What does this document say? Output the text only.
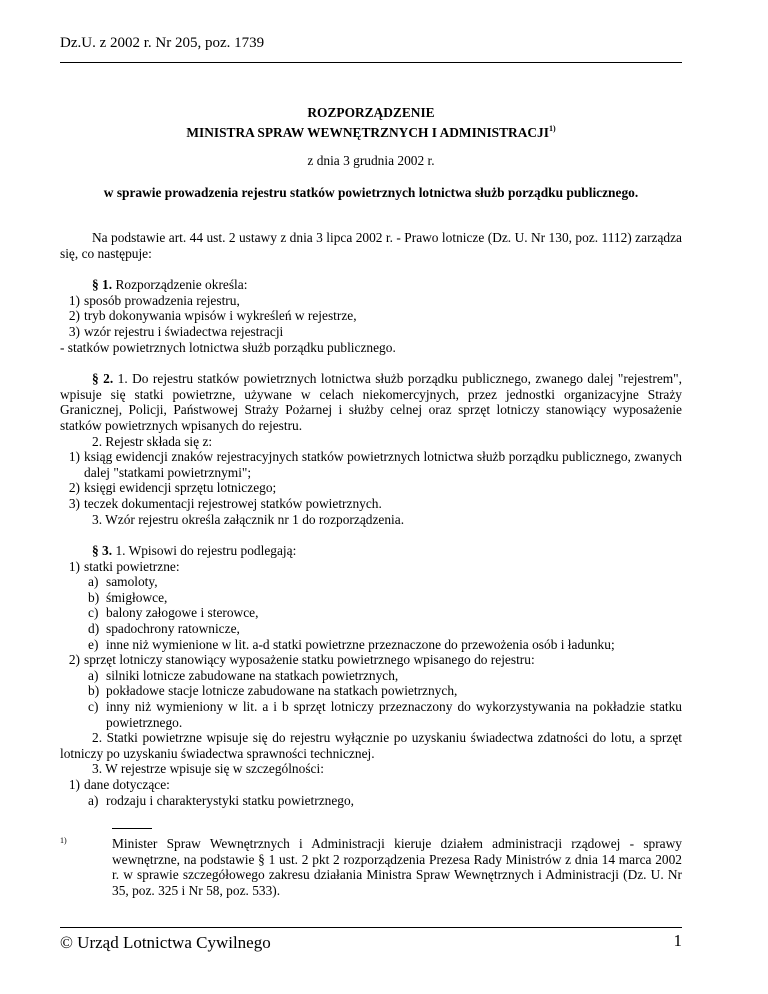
Dz.U. z 2002 r. Nr 205, poz. 1739
ROZPORZĄDZENIE
MINISTRA SPRAW WEWNĘTRZNYCH I ADMINISTRACJI$^{1)}$
z dnia 3 grudnia 2002 r.
w sprawie prowadzenia rejestru statków powietrznych lotnictwa służb porządku publicznego.

Na podstawie art. 44 ust. 2 ustawy z dnia 3 lipca 2002 r. - Prawo lotnicze (Dz. U. Nr 130, poz. 1112) zarządza się, co następuje:

§ 1. Rozporządzenie określa:

1) sposób prowadzenia rejestru,
2) tryb dokonywania wpisów i wykreśleń w rejestrze,
3) wzór rejestru i świadectwa rejestracji

- statków powietrznych lotnictwa służb porządku publicznego.

§ 2. 1. Do rejestru statków powietrznych lotnictwa służb porządku publicznego, zwanego dalej "rejestrem", wpisuje się statki powietrzne, używane w celach niekomercyjnych, przez jednostki organizacyjne Straży Granicznej, Policji, Państwowej Straży Pożarnej i służby celnej oraz sprzęt lotniczy stanowiący wyposażenie statków powietrznych wpisanych do rejestru.

2. Rejestr składa się z:

1) ksiąg ewidencji znaków rejestracyjnych statków powietrznych lotnictwa służb porządku publicznego, zwanych dalej "statkami powietrznymi";
2) księgi ewidencji sprzętu lotniczego;
3) teczek dokumentacji rejestrowej statków powietrznych.

3. Wzór rejestru określa załącznik nr 1 do rozporządzenia.

§ 3. 1. Wpisowi do rejestru podlegają:

1) statki powietrzne:
a) samoloty,
b) śmigłowce,
c) balony załogowe i sterowce,
d) spadochrony ratownicze,
e) inne niż wymienione w lit. a-d statki powietrzne przeznaczone do przewożenia osób i ładunku;
2) sprzęt lotniczy stanowiący wyposażenie statku powietrznego wpisanego do rejestru:
a) silniki lotnicze zabudowane na statkach powietrznych,
b) pokładowe stacje lotnicze zabudowane na statkach powietrznych,
c) inny niż wymieniony w lit. a i b sprzęt lotniczy przeznaczony do wykorzystywania na pokładzie statku powietrznego.

2. Statki powietrzne wpisuje się do rejestru wyłącznie po uzyskaniu świadectwa zdatności do lotu, a sprzęt lotniczy po uzyskaniu świadectwa sprawności technicznej.

3. W rejestrze wpisuje się w szczególności:

1) dane dotyczące:
a) rodzaju i charakterystyki statku powietrznego,
1)	Minister Spraw Wewnętrznych i Administracji kieruje działem administracji rządowej - sprawy wewnętrzne, na podstawie § 1 ust. 2 pkt 2 rozporządzenia Prezesa Rady Ministrów z dnia 14 marca 2002 r. w sprawie szczegółowego zakresu działania Ministra Spraw Wewnętrznych i Administracji (Dz. U. Nr 35, poz. 325 i Nr 58, poz. 533).
© Urząd Lotnictwa Cywilnego	1
